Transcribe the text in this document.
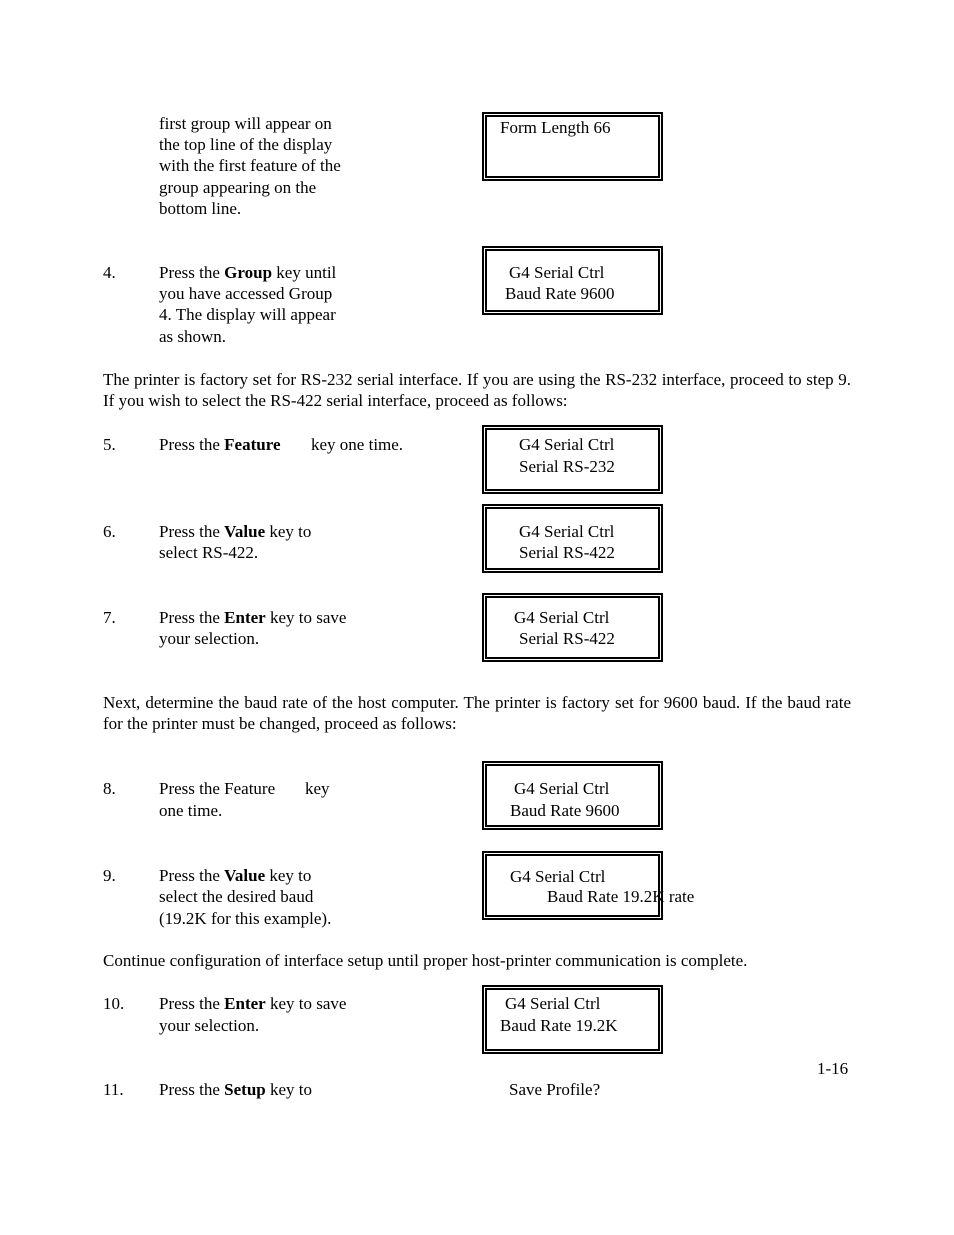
first group will appear on

the top line of the display

with the first feature of the

group appearing on the

bottom line.

Form Length 66

4.	Press the Group key until

you have accessed Group

4. The display will appear

as shown.

G4 Serial Ctrl
Baud Rate 9600

The printer is factory set for RS-232 serial interface. If you are using the RS-232 interface, proceed to step 9. If you wish to select the RS-422 serial interface, proceed as follows:

5.	Press the Feature key one time.	G4 Serial Ctrl
Serial RS-232

6.	Press the Value key to

select RS-422.

G4 Serial Ctrl
Serial RS-422

7.	Press the Enter key to save

your selection.

G4 Serial Ctrl
Serial RS-422

Next, determine the baud rate of the host computer. The printer is factory set for 9600 baud. If the baud rate for the printer must be changed, proceed as follows:

8.	Press the Feature key

one time.

G4 Serial Ctrl
Baud Rate 9600

9.	Press the Value key to

select the desired baud

(19.2K for this example).

G4 Serial Ctrl
Baud Rate 19.2K rate

Continue configuration of interface setup until proper host-printer communication is complete.

10. Press the Enter key to save

your selection.

G4 Serial Ctrl
Baud Rate 19.2K

1-16

11. Press the Setup key to	Save Profile?
